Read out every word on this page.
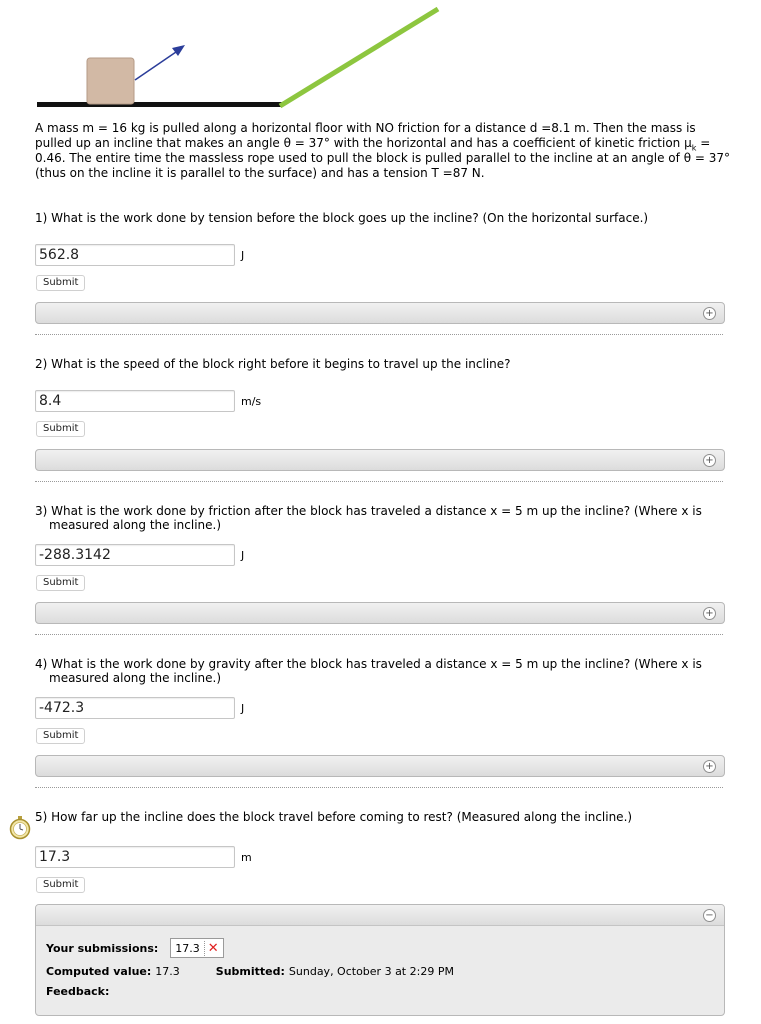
A mass m = 16 kg is pulled along a horizontal floor with NO friction for a distance d =8.1 m. Then the mass is pulled up an incline that makes an angle θ = 37° with the horizontal and has a coefficient of kinetic friction $\mu_k = 0.46$. The entire time the massless rope used to pull the block is pulled parallel to the incline at an angle of θ = 37° (thus on the incline it is parallel to the surface) and has a tension T =87 N.
1) What is the work done by tension before the block goes up the incline? (On the horizontal surface.)
562.8
J
Submit
+
2) What is the speed of the block right before it begins to travel up the incline?
8.4
m/s
Submit
+
3) What is the work done by friction after the block has traveled a distance x = 5 m up the incline? (Where x is measured along the incline.)
-288.3142
J
Submit
+
4) What is the work done by gravity after the block has traveled a distance x = 5 m up the incline? (Where x is measured along the incline.)
-472.3
J
Submit
+
5) How far up the incline does the block travel before coming to rest? (Measured along the incline.)
17.3
m
Submit
−
Your submissions: 17.3 ✕
Computed value: 17.3	Submitted: Sunday, October 3 at 2:29 PM
Feedback:
